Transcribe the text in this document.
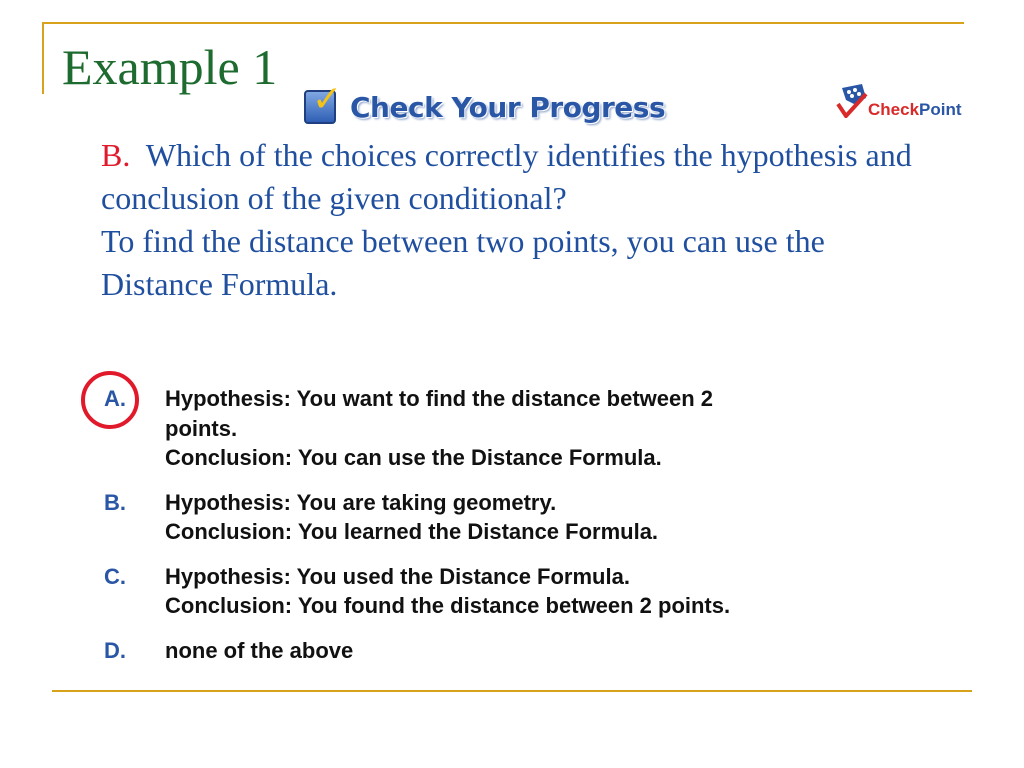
Example 1
✓ Check Your Progress	CheckPoint
B. Which of the choices correctly identifies the hypothesis and conclusion of the given conditional?
To find the distance between two points, you can use the Distance Formula.
A.	Hypothesis: You want to find the distance between 2 points.
Conclusion: You can use the Distance Formula.
B.	Hypothesis: You are taking geometry.
Conclusion: You learned the Distance Formula.
C.	Hypothesis: You used the Distance Formula.
Conclusion: You found the distance between 2 points.
D.	none of the above
